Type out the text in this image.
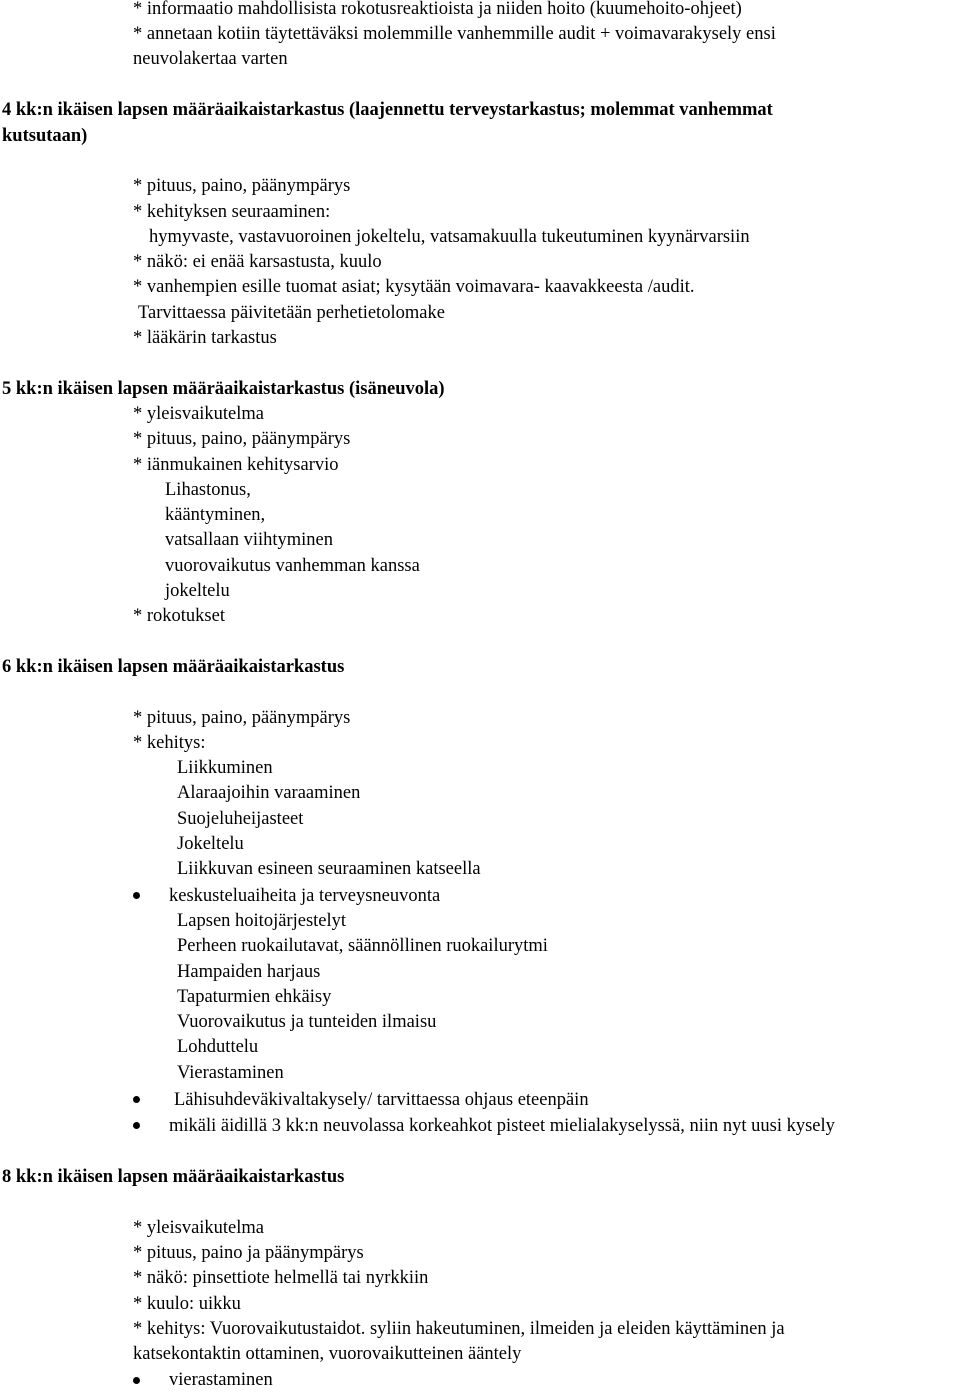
* informaatio mahdollisista rokotusreaktioista ja niiden hoito (kuumehoito-ohjeet)
* annetaan kotiin täytettäväksi molemmille vanhemmille audit + voimavarakysely ensi
neuvolakertaa varten
4 kk:n ikäisen lapsen määräaikaistarkastus (laajennettu terveystarkastus; molemmat vanhemmat
kutsutaan)
* pituus, paino, päänympärys
* kehityksen seuraaminen:
hymyvaste, vastavuoroinen jokeltelu, vatsamakuulla tukeutuminen kyynärvarsiin
* näkö: ei enää karsastusta, kuulo
* vanhempien esille tuomat asiat; kysytään voimavara- kaavakkeesta /audit.
Tarvittaessa päivitetään perhetietolomake
* lääkärin tarkastus
5 kk:n ikäisen lapsen määräaikaistarkastus (isäneuvola)
* yleisvaikutelma
* pituus, paino, päänympärys
* iänmukainen kehitysarvio
Lihastonus,
kääntyminen,
vatsallaan viihtyminen
vuorovaikutus vanhemman kanssa
jokeltelu
* rokotukset
6 kk:n ikäisen lapsen määräaikaistarkastus
* pituus, paino, päänympärys
* kehitys:
Liikkuminen
Alaraajoihin varaaminen
Suojeluheijasteet
Jokeltelu
Liikkuvan esineen seuraaminen katseella
keskusteluaiheita ja terveysneuvonta
Lapsen hoitojärjestelyt
Perheen ruokailutavat, säännöllinen ruokailurytmi
Hampaiden harjaus
Tapaturmien ehkäisy
Vuorovaikutus ja tunteiden ilmaisu
Lohduttelu
Vierastaminen
Lähisuhdeväkivaltakysely/ tarvittaessa ohjaus eteenpäin
mikäli äidillä 3 kk:n neuvolassa korkeahkot pisteet mielialakyselyssä, niin nyt uusi kysely
8 kk:n ikäisen lapsen määräaikaistarkastus
* yleisvaikutelma
* pituus, paino ja päänympärys
* näkö: pinsettiote helmellä tai nyrkkiin
* kuulo: uikku
* kehitys: Vuorovaikutustaidot. syliin hakeutuminen, ilmeiden ja eleiden käyttäminen ja
katsekontaktin ottaminen, vuorovaikutteinen ääntely
vierastaminen
